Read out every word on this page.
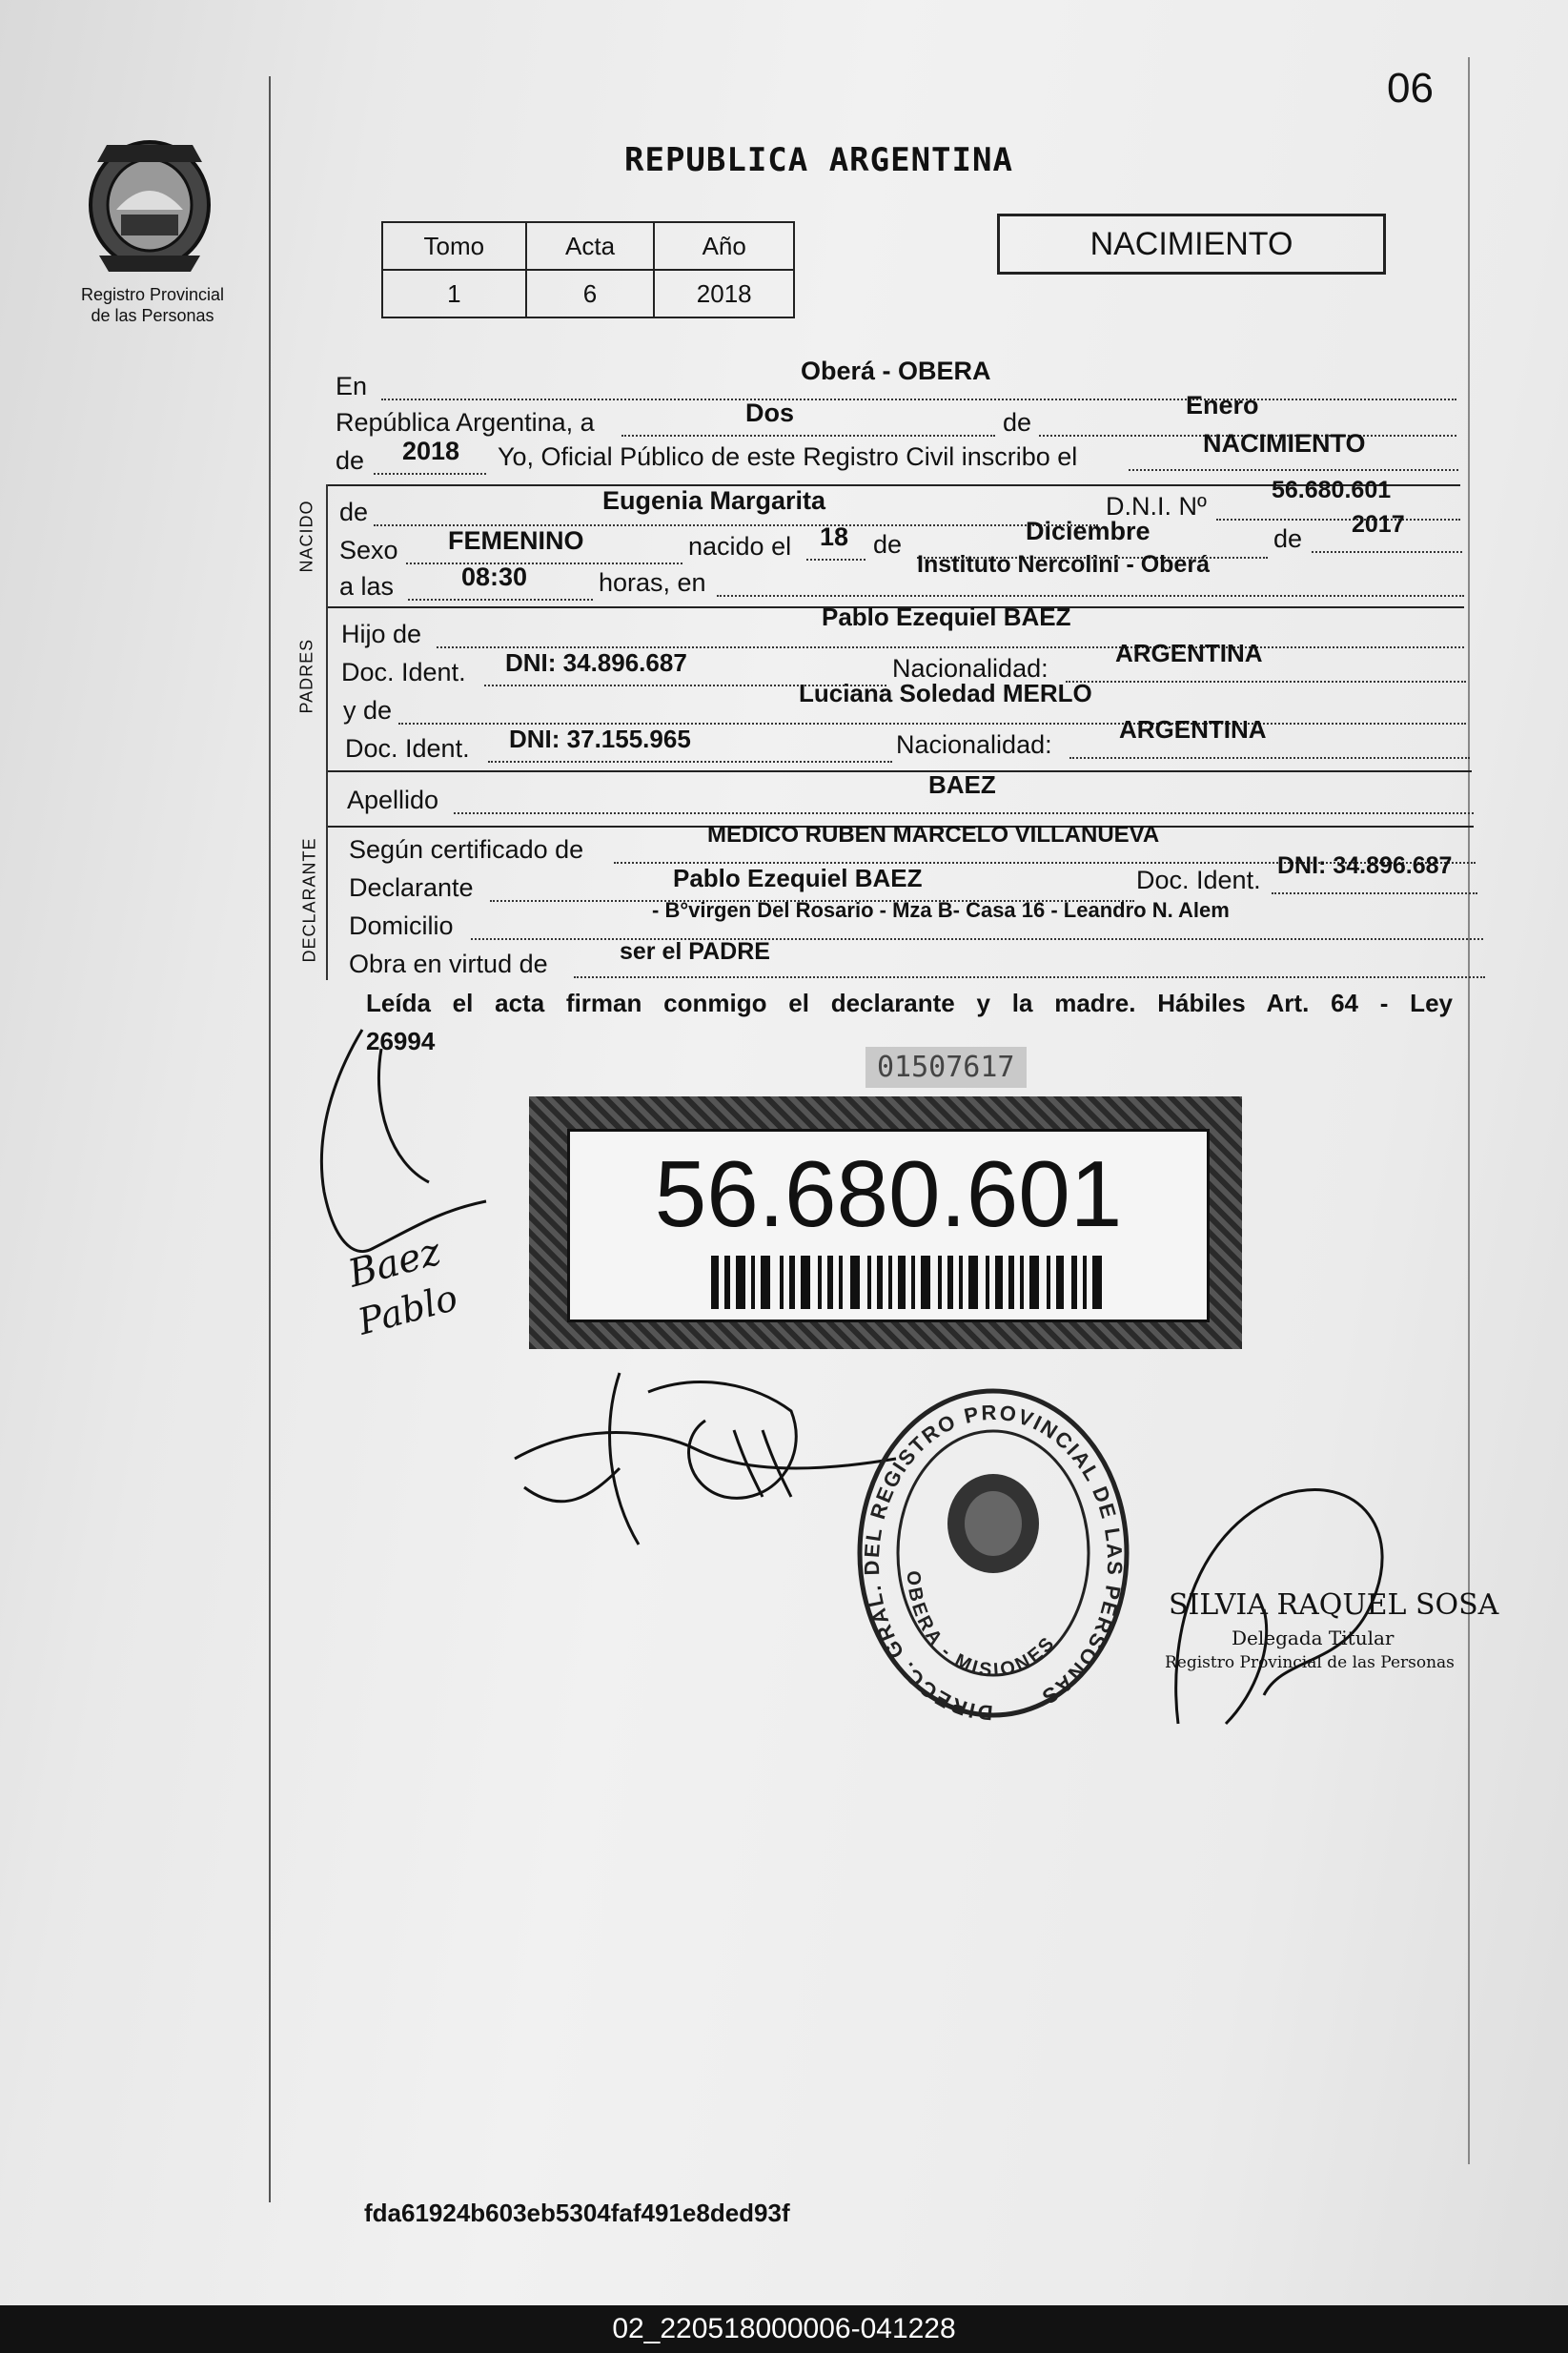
Registro Provincial
de las Personas
06
REPUBLICA ARGENTINA
Tomo	Acta	Año
1	6	2018
NACIMIENTO
En
Oberá - OBERA
República Argentina, a	Dos	de
Enero
de 2018 Yo, Oficial Público de este Registro Civil inscribo el	NACIMIENTO
NACIDO de	Eugenia Margarita	D.N.I. Nº
56.680.601
Sexo FEMENINO	nacido el 18 de	Diciembre	de 2017
a las	08:30	horas, en
Instituto Nercolini - Oberá
PADRES
Hijo de
Pablo Ezequiel BAEZ
Doc. Ident. DNI: 34.896.687	Nacionalidad:
ARGENTINA
y de
Luciana Soledad MERLO
Doc. Ident. DNI: 37.155.965	Nacionalidad:
ARGENTINA
Apellido
BAEZ
DECLARANTE Según certificado de
MEDICO RUBEN MARCELO VILLANUEVA
Declarante	Pablo Ezequiel BAEZ	Doc. Ident. DNI: 34.896.687
Domicilio
- B°virgen Del Rosario - Mza B- Casa 16 - Leandro N. Alem
Obra en virtud de	ser el PADRE
Leída el acta firman conmigo el declarante y la madre. Hábiles Art. 64 - Ley
26994
01507617
56.680.601
Baez
Pablo
DIRECC. GRAL. DEL REGISTRO PROVINCIAL DE LAS PERSONAS
OBERA - MISIONES
SILVIA RAQUEL SOSA
Delegada Titular
Registro Provincial de las Personas
fda61924b603eb5304faf491e8ded93f
02_220518000006-041228
